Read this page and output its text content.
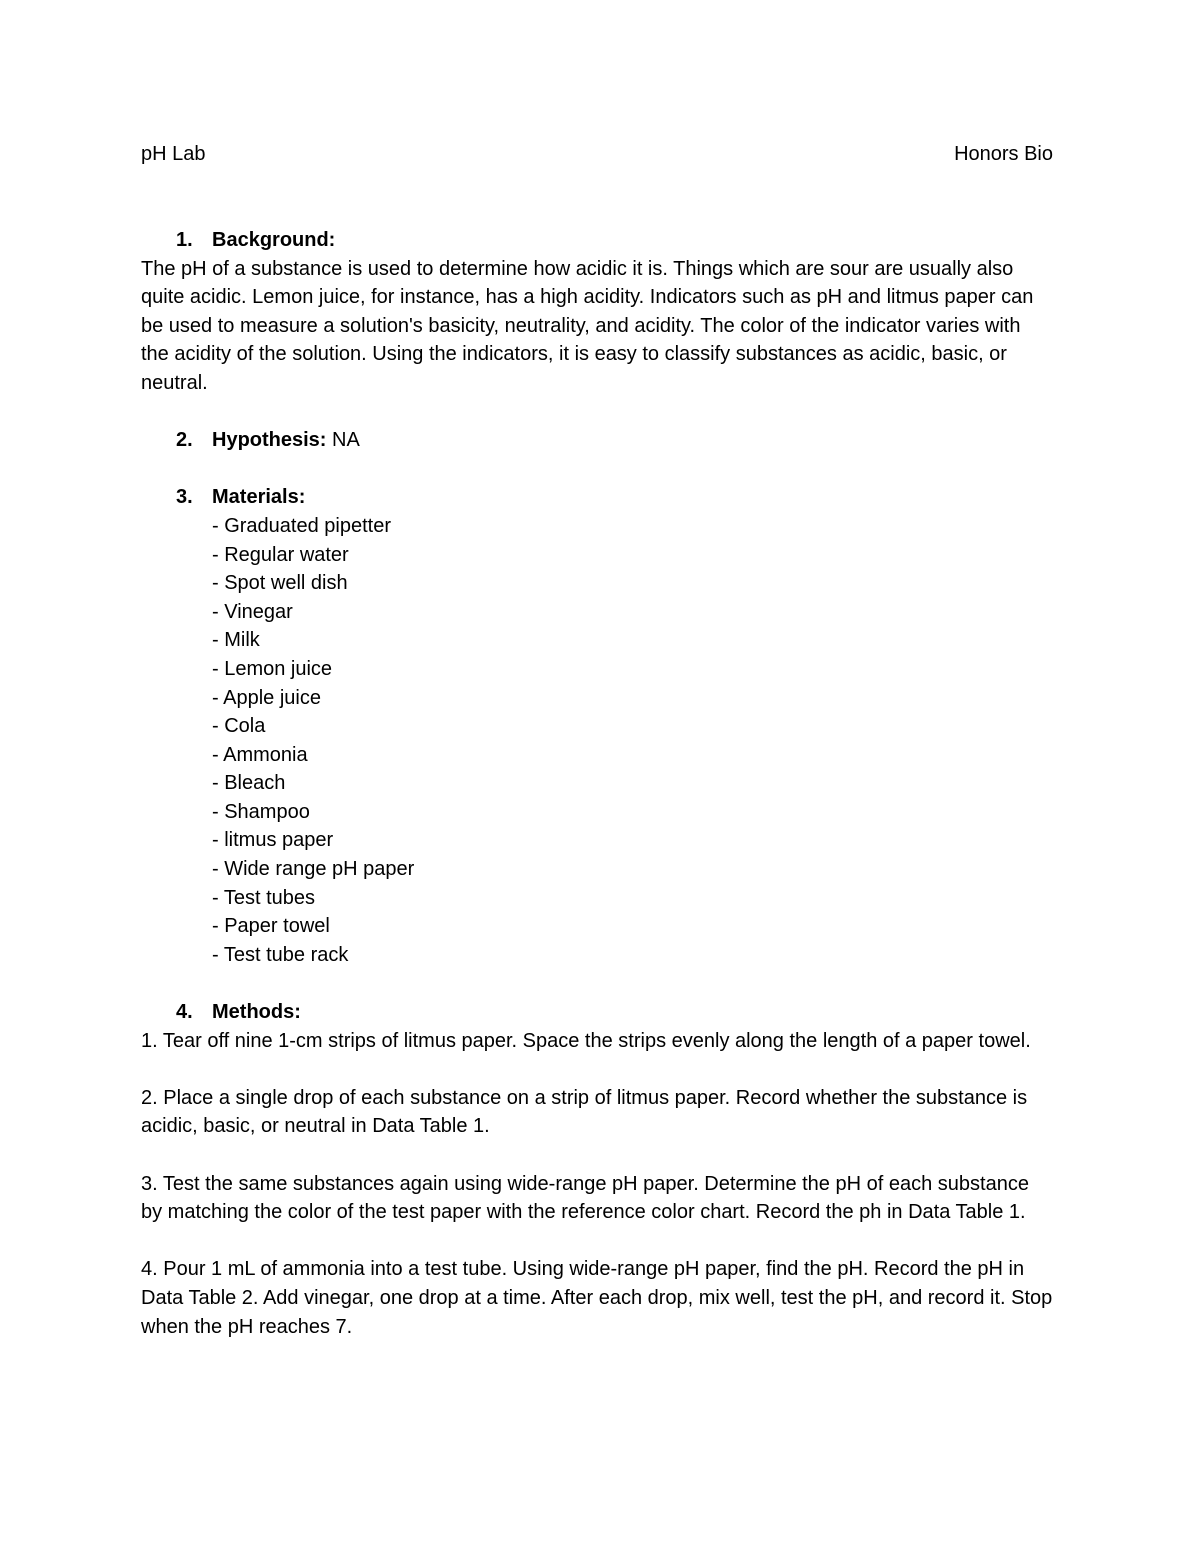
pH Lab	Honors Bio
1. Background:

The pH of a substance is used to determine how acidic it is. Things which are sour are usually also quite acidic. Lemon juice, for instance, has a high acidity. Indicators such as pH and litmus paper can be used to measure a solution's basicity, neutrality, and acidity. The color of the indicator varies with the acidity of the solution. Using the indicators, it is easy to classify substances as acidic, basic, or neutral.

2. Hypothesis: NA
3. Materials:
- Graduated pipetter
- Regular water
- Spot well dish
- Vinegar
- Milk
- Lemon juice
- Apple juice
- Cola
- Ammonia
- Bleach
- Shampoo
- litmus paper
- Wide range pH paper
- Test tubes
- Paper towel
- Test tube rack
4. Methods:

1. Tear off nine 1-cm strips of litmus paper. Space the strips evenly along the length of a paper towel.

2. Place a single drop of each substance on a strip of litmus paper. Record whether the substance is acidic, basic, or neutral in Data Table 1.

3. Test the same substances again using wide-range pH paper. Determine the pH of each substance by matching the color of the test paper with the reference color chart. Record the ph in Data Table 1.

4. Pour 1 mL of ammonia into a test tube. Using wide-range pH paper, find the pH. Record the pH in Data Table 2. Add vinegar, one drop at a time. After each drop, mix well, test the pH, and record it. Stop when the pH reaches 7.
